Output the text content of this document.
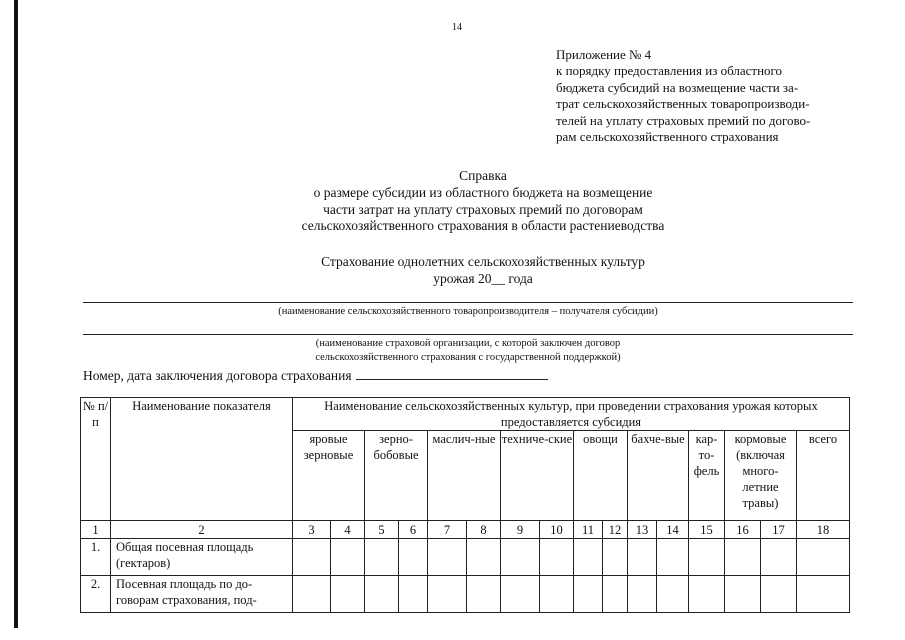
14
Приложение № 4
к порядку предоставления из областного
бюджета субсидий на возмещение части за-
трат сельскохозяйственных товаропроизводи-
телей на уплату страховых премий по догово-
рам сельскохозяйственного страхования
Справка
о размере субсидии из областного бюджета на возмещение
части затрат на уплату страховых премий по договорам
сельскохозяйственного страхования в области растениеводства
Страхование однолетних сельскохозяйственных культур
урожая 20__ года
(наименование сельскохозяйственного товаропроизводителя – получателя субсидии)
(наименование страховой организации, с которой заключен договор
сельскохозяйственного страхования с государственной поддержкой)
Номер, дата заключения договора страхования
№ п/п	Наименование показателя	Наименование сельскохозяйственных культур, при проведении страхования урожая которых предоставляется субсидия															
		яровые зерновые		зерно-бобовые		маслич-ные		техниче-ские		овощи		бахче-вые		кар-то-фель	кормовые (включая много-летние травы)		всего
1	2	3	4	5	6	7	8	9	10	11	12	13	14	15	16	17	18
1.	Общая посевная площадь (гектаров)																
2.	Посевная площадь по до-говорам страхования, под-																
